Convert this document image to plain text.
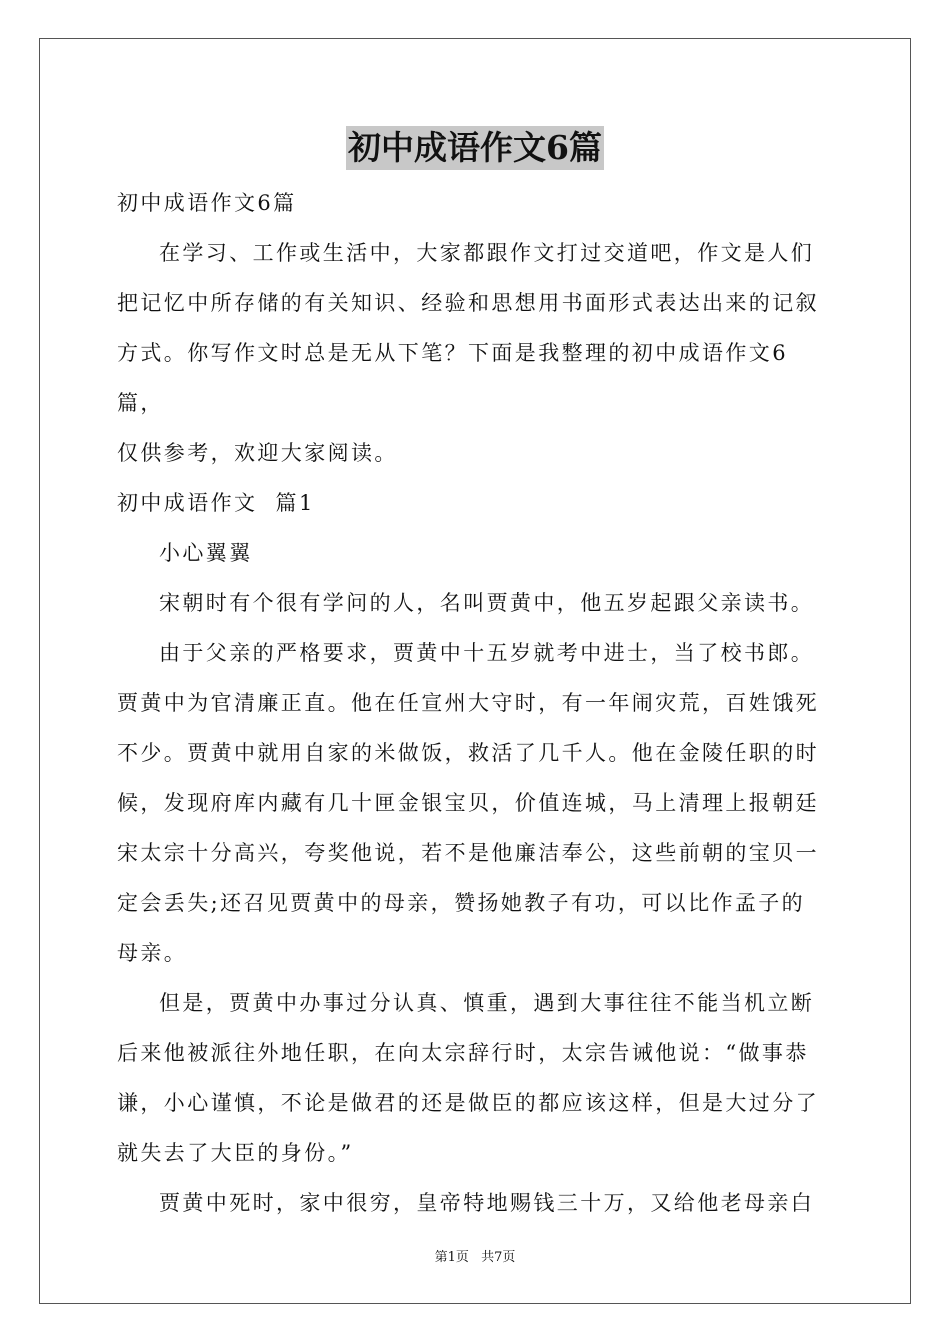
初中成语作文6篇

初中成语作文6篇

在学习、工作或生活中，大家都跟作文打过交道吧，作文是人们

把记忆中所存储的有关知识、经验和思想用书面形式表达出来的记叙

方式。你写作文时总是无从下笔？下面是我整理的初中成语作文6篇，

仅供参考，欢迎大家阅读。

初中成语作文  篇1

小心翼翼

宋朝时有个很有学问的人，名叫贾黄中，他五岁起跟父亲读书。

由于父亲的严格要求，贾黄中十五岁就考中进士，当了校书郎。

贾黄中为官清廉正直。他在任宣州大守时，有一年闹灾荒，百姓饿死

不少。贾黄中就用自家的米做饭，救活了几千人。他在金陵任职的时

候，发现府库内藏有几十匣金银宝贝，价值连城，马上清理上报朝廷

宋太宗十分高兴，夸奖他说，若不是他廉洁奉公，这些前朝的宝贝一

定会丢失;还召见贾黄中的母亲，赞扬她教子有功，可以比作孟子的

母亲。

但是，贾黄中办事过分认真、慎重，遇到大事往往不能当机立断

后来他被派往外地任职，在向太宗辞行时，太宗告诫他说：“做事恭

谦，小心谨慎，不论是做君的还是做臣的都应该这样，但是大过分了

就失去了大臣的身份。”

贾黄中死时，家中很穷，皇帝特地赐钱三十万，又给他老母亲白

第1页 共7页
